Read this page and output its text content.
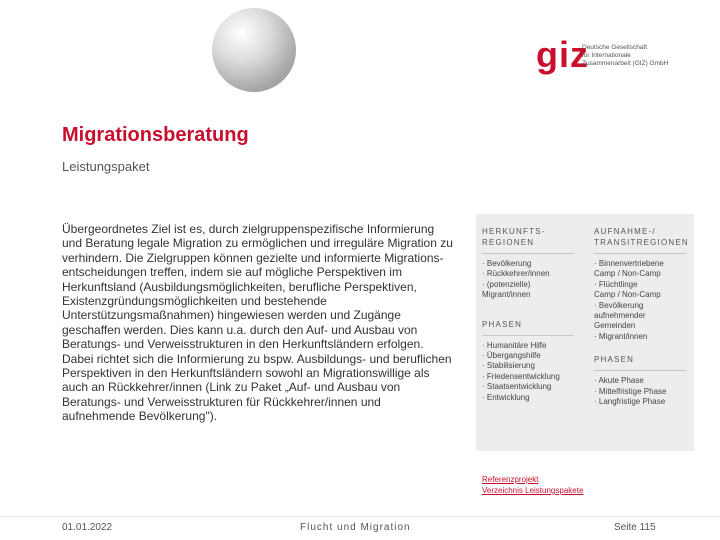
giz
Deutsche Gesellschaft
für Internationale
Zusammenarbeit (GIZ) GmbH
Migrationsberatung
Leistungspaket
Übergeordnetes Ziel ist es, durch zielgruppenspezifische Informierung und Beratung legale Migration zu ermöglichen und irreguläre Migration zu verhindern. Die Zielgruppen können gezielte und informierte Migrations-entscheidungen treffen, indem sie auf mögliche Perspektiven im Herkunftsland (Ausbildungsmöglichkeiten, berufliche Perspektiven, Existenzgründungsmöglichkeiten und bestehende Unterstützungsmaßnahmen) hingewiesen werden und Zugänge geschaffen werden. Dies kann u.a. durch den Auf- und Ausbau von Beratungs- und Verweisstrukturen in den Herkunftsländern erfolgen. Dabei richtet sich die Informierung zu bspw. Ausbildungs- und beruflichen Perspektiven in den Herkunftsländern sowohl an Migrationswillige als auch an Rückkehrer/innen (Link zu Paket „Auf- und Ausbau von Beratungs- und Verweisstrukturen für Rückkehrer/innen und aufnehmende Bevölkerung").
HERKUNFTS-
REGIONEN
· Bevölkerung
· Rückkehrer/innen
· (potenzielle)
Migrant/innen
PHASEN
· Humanitäre Hilfe
· Übergangshilfe
· Stabilisierung
· Friedensentwicklung
· Staatsentwicklung
· Entwicklung
AUFNAHME-/
TRANSITREGIONEN
· Binnenvertriebene
Camp / Non-Camp
· Flüchtlinge
Camp / Non-Camp
· Bevölkerung
aufnehmender
Gemeinden
· Migrant/innen
PHASEN
· Akute Phase
· Mittelfristige Phase
· Langfristige Phase
Referenzprojekt
Verzeichnis Leistungspakete
01.01.2022	Flucht und Migration	Seite 115
